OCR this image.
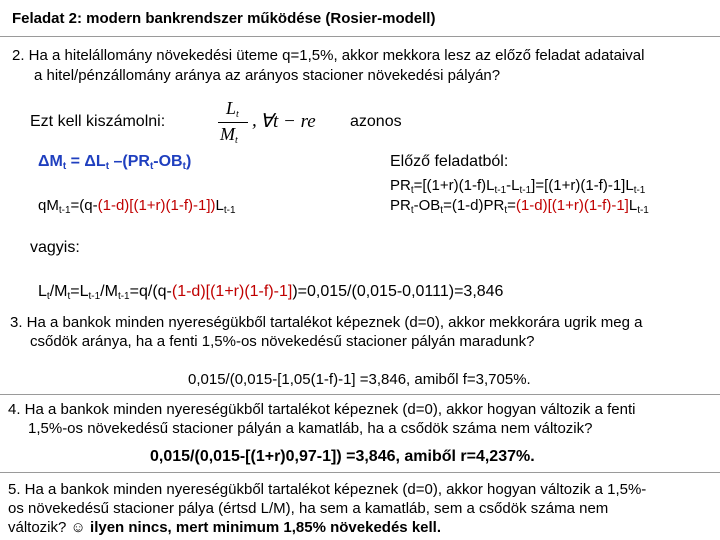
Feladat 2: modern bankrendszer működése (Rosier-modell)
2. Ha a hitelállomány növekedési üteme q=1,5%, akkor mekkora lesz az előző feladat adataival
a hitel/pénzállomány aránya az arányos stacioner növekedési pályán?
Ezt kell kiszámolni:
$L_t$
$M_t$
, ∀t − re azonos
$\Delta M_t = \Delta L_t$ $-(PR_t-OB_t)$
$qM_{t-1}=(q-(1-d)[(1+r)(1-f)-1])L_{t-1}$
Előző feladatból:
$PR_t=[(1+r)(1-f)L_{t-1}-L_{t-1}]=[(1+r)(1-f)-1]L_{t-1}$
$PR_t-OB_t=(1-d)PR_t=(1-d)[(1+r)(1-f)-1]L_{t-1}$
vagyis:
$L_t/M_t=L_{t-1}/M_{t-1}=q/(q-(1-d)[(1+r)(1-f)-1])=0,015/(0,015-0,0111)=3,846$
3. Ha a bankok minden nyereségükből tartalékot képeznek (d=0), akkor mekkorára ugrik meg a
csődök aránya, ha a fenti 1,5%-os növekedésű stacioner pályán maradunk?
0,015/(0,015-[1,05(1-f)-1] =3,846, amiből f=3,705%.
4. Ha a bankok minden nyereségükből tartalékot képeznek (d=0), akkor hogyan változik a fenti
1,5%-os növekedésű stacioner pályán a kamatláb, ha a csődök száma nem változik?
0,015/(0,015-[(1+r)0,97-1]) =3,846, amiből r=4,237%.
5. Ha a bankok minden nyereségükből tartalékot képeznek (d=0), akkor hogyan változik a 1,5%-
os növekedésű stacioner pálya (értsd L/M), ha sem a kamatláb, sem a csődök száma nem
változik? ☺ ilyen nincs, mert minimum 1,85% növekedés kell.
